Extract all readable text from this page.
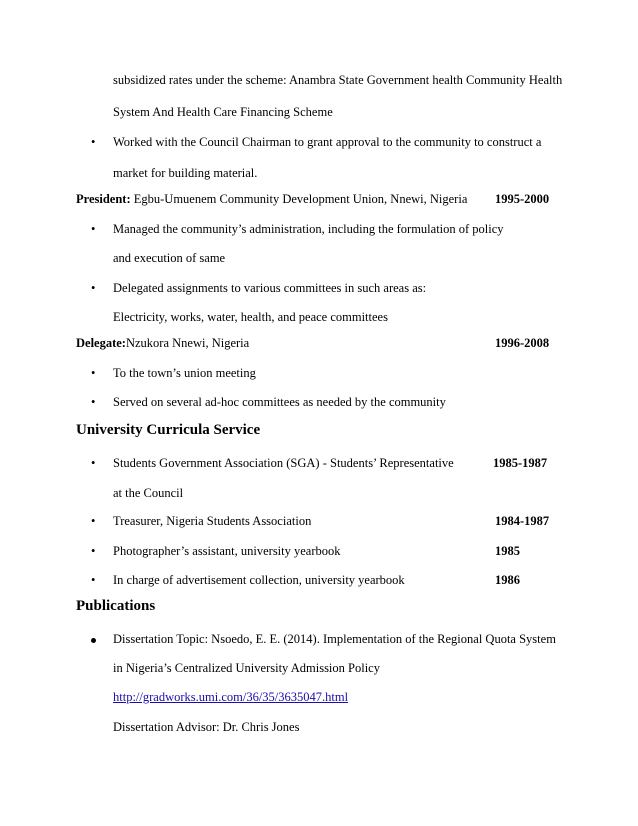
subsidized rates under the scheme: Anambra State Government health Community Health
System And Health Care Financing Scheme
•	Worked with the Council Chairman to grant approval to the community to construct a
market for building material.
President: Egbu-Umuenem Community Development Union, Nnewi, Nigeria 1995-2000
•	Managed the community’s administration, including the formulation of policy
and execution of same
•	Delegated assignments to various committees in such areas as:
Electricity, works, water, health, and peace committees
Delegate:Nzukora Nnewi, Nigeria	1996-2008
•	To the town’s union meeting
•	Served on several ad-hoc committees as needed by the community
University Curricula Service
•	Students Government Association (SGA) - Students’ Representative	1985-1987
at the Council
•	Treasurer, Nigeria Students Association	1984-1987
•	Photographer’s assistant, university yearbook	1985
•	In charge of advertisement collection, university yearbook	1986
Publications
Dissertation Topic: Nsoedo, E. E. (2014). Implementation of the Regional Quota System
in Nigeria’s Centralized University Admission Policy
http://gradworks.umi.com/36/35/3635047.html
Dissertation Advisor: Dr. Chris Jones
